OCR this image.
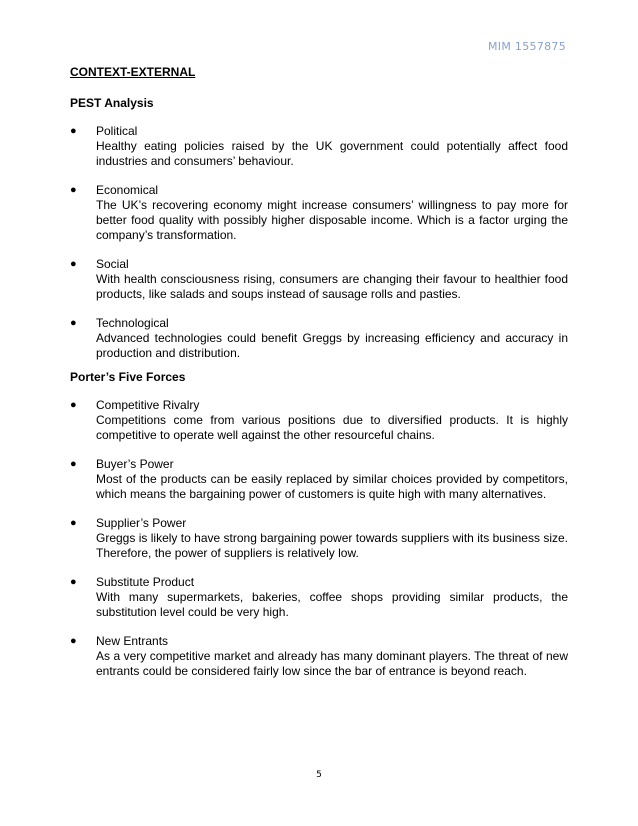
MIM 1557875
CONTEXT-EXTERNAL
PEST Analysis
● Political
Healthy eating policies raised by the UK government could potentially affect food industries and consumers’ behaviour.
● Economical
The UK’s recovering economy might increase consumers’ willingness to pay more for better food quality with possibly higher disposable income. Which is a factor urging the company’s transformation.
● Social
With health consciousness rising, consumers are changing their favour to healthier food products, like salads and soups instead of sausage rolls and pasties.
● Technological
Advanced technologies could benefit Greggs by increasing efficiency and accuracy in production and distribution.
Porter’s Five Forces
● Competitive Rivalry
Competitions come from various positions due to diversified products. It is highly competitive to operate well against the other resourceful chains.
● Buyer’s Power
Most of the products can be easily replaced by similar choices provided by competitors, which means the bargaining power of customers is quite high with many alternatives.
● Supplier’s Power
Greggs is likely to have strong bargaining power towards suppliers with its business size. Therefore, the power of suppliers is relatively low.
● Substitute Product
With many supermarkets, bakeries, coffee shops providing similar products, the substitution level could be very high.
● New Entrants
As a very competitive market and already has many dominant players. The threat of new entrants could be considered fairly low since the bar of entrance is beyond reach.
5
